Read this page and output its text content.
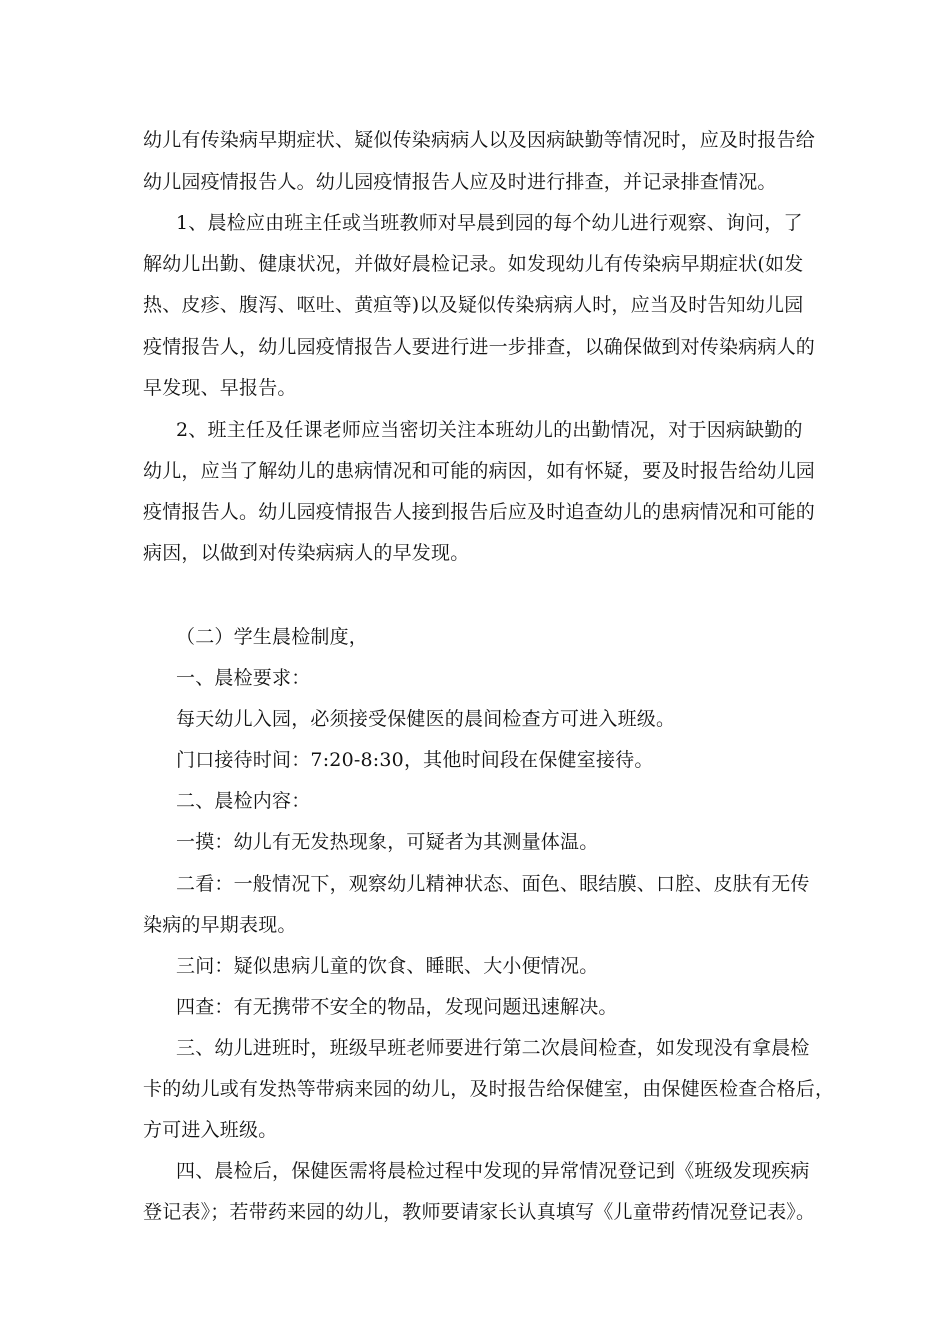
幼儿有传染病早期症状、疑似传染病病人以及因病缺勤等情况时，应及时报告给
幼儿园疫情报告人。幼儿园疫情报告人应及时进行排查，并记录排查情况。
1、晨检应由班主任或当班教师对早晨到园的每个幼儿进行观察、询问，了
解幼儿出勤、健康状况，并做好晨检记录。如发现幼儿有传染病早期症状(如发
热、皮疹、腹泻、呕吐、黄疸等)以及疑似传染病病人时，应当及时告知幼儿园
疫情报告人，幼儿园疫情报告人要进行进一步排查，以确保做到对传染病病人的
早发现、早报告。
2、班主任及任课老师应当密切关注本班幼儿的出勤情况，对于因病缺勤的
幼儿，应当了解幼儿的患病情况和可能的病因，如有怀疑，要及时报告给幼儿园
疫情报告人。幼儿园疫情报告人接到报告后应及时追查幼儿的患病情况和可能的
病因，以做到对传染病病人的早发现。
（二）学生晨检制度，
一、晨检要求：
每天幼儿入园，必须接受保健医的晨间检查方可进入班级。
门口接待时间：7:20-8:30，其他时间段在保健室接待。
二、晨检内容：
一摸：幼儿有无发热现象，可疑者为其测量体温。
二看：一般情况下，观察幼儿精神状态、面色、眼结膜、口腔、皮肤有无传
染病的早期表现。
三问：疑似患病儿童的饮食、睡眠、大小便情况。
四查：有无携带不安全的物品，发现问题迅速解决。
三、幼儿进班时，班级早班老师要进行第二次晨间检查，如发现没有拿晨检
卡的幼儿或有发热等带病来园的幼儿，及时报告给保健室，由保健医检查合格后，
方可进入班级。
四、晨检后，保健医需将晨检过程中发现的异常情况登记到《班级发现疾病
登记表》；若带药来园的幼儿，教师要请家长认真填写《儿童带药情况登记表》。
